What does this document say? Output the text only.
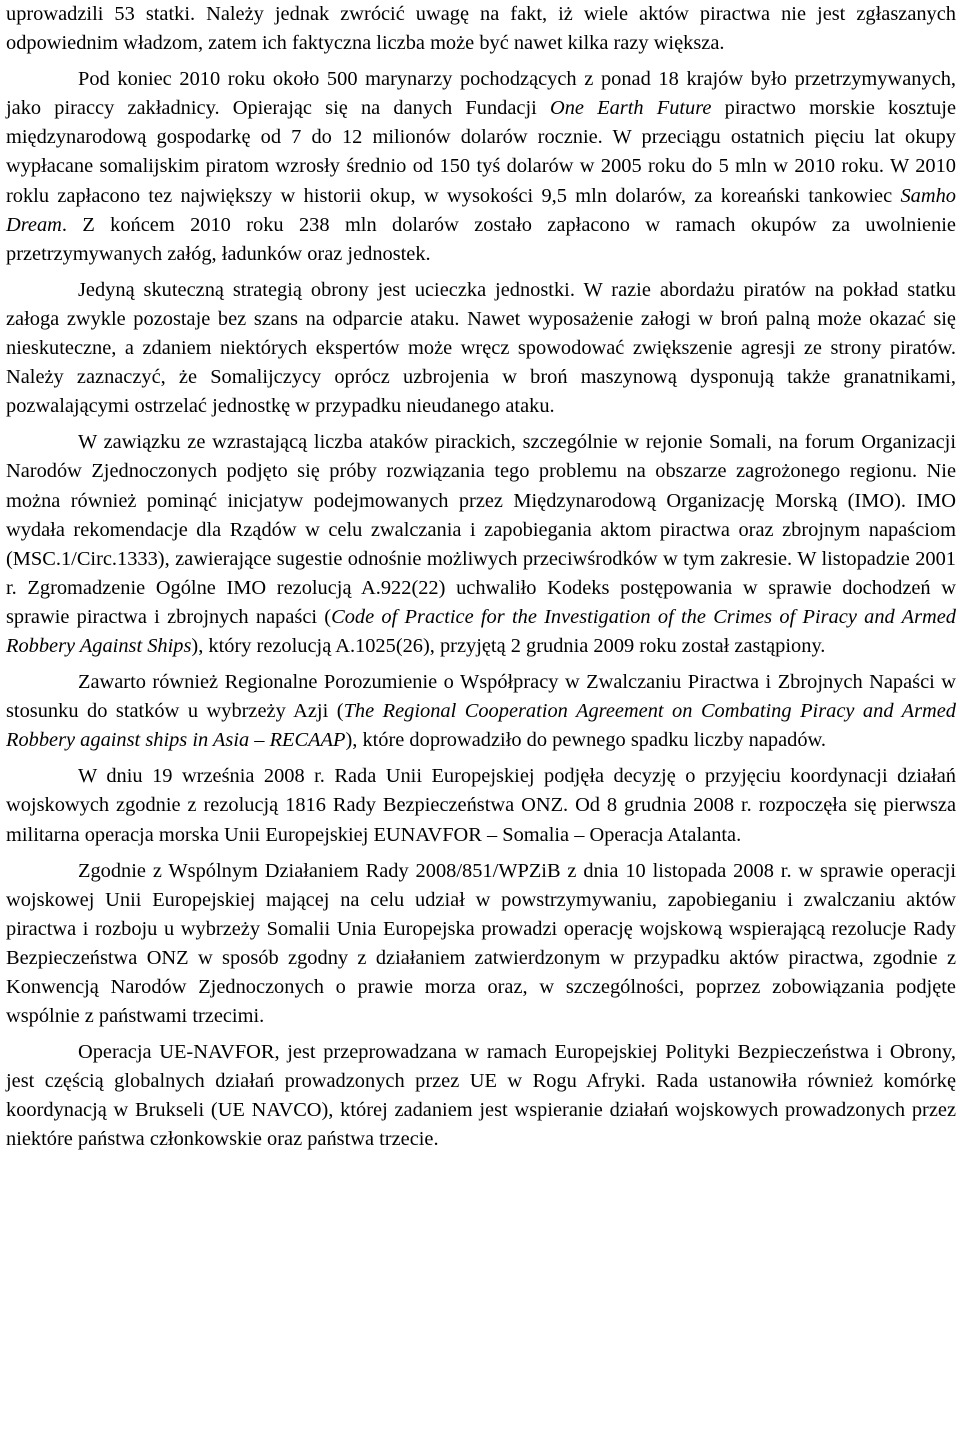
uprowadzili 53 statki. Należy jednak zwrócić uwagę na fakt, iż wiele aktów piractwa nie jest zgłaszanych odpowiednim władzom, zatem ich faktyczna liczba może być nawet kilka razy większa.

Pod koniec 2010 roku około 500 marynarzy pochodzących z ponad 18 krajów było przetrzymywanych, jako piraccy zakładnicy. Opierając się na danych Fundacji One Earth Future piractwo morskie kosztuje międzynarodową gospodarkę od 7 do 12 milionów dolarów rocznie. W przeciągu ostatnich pięciu lat okupy wypłacane somalijskim piratom wzrosły średnio od 150 tyś dolarów w 2005 roku do 5 mln w 2010 roku. W 2010 roklu zapłacono tez największy w historii okup, w wysokości 9,5 mln dolarów, za koreański tankowiec Samho Dream. Z końcem 2010 roku 238 mln dolarów zostało zapłacono w ramach okupów za uwolnienie przetrzymywanych załóg, ładunków oraz jednostek.

Jedyną skuteczną strategią obrony jest ucieczka jednostki. W razie abordażu piratów na pokład statku załoga zwykle pozostaje bez szans na odparcie ataku. Nawet wyposażenie załogi w broń palną może okazać się nieskuteczne, a zdaniem niektórych ekspertów może wręcz spowodować zwiększenie agresji ze strony piratów. Należy zaznaczyć, że Somalijczycy oprócz uzbrojenia w broń maszynową dysponują także granatnikami, pozwalającymi ostrzelać jednostkę w przypadku nieudanego ataku.

W zawiązku ze wzrastającą liczba ataków pirackich, szczególnie w rejonie Somali, na forum Organizacji Narodów Zjednoczonych podjęto się próby rozwiązania tego problemu na obszarze zagrożonego regionu. Nie można również pominąć inicjatyw podejmowanych przez Międzynarodową Organizację Morską (IMO). IMO wydała rekomendacje dla Rządów w celu zwalczania i zapobiegania aktom piractwa oraz zbrojnym napaściom (MSC.1/Circ.1333), zawierające sugestie odnośnie możliwych przeciwśrodków w tym zakresie. W listopadzie 2001 r. Zgromadzenie Ogólne IMO rezolucją A.922(22) uchwaliło Kodeks postępowania w sprawie dochodzeń w sprawie piractwa i zbrojnych napaści (Code of Practice for the Investigation of the Crimes of Piracy and Armed Robbery Against Ships), który rezolucją A.1025(26), przyjętą 2 grudnia 2009 roku został zastąpiony.

Zawarto również Regionalne Porozumienie o Współpracy w Zwalczaniu Piractwa i Zbrojnych Napaści w stosunku do statków u wybrzeży Azji (The Regional Cooperation Agreement on Combating Piracy and Armed Robbery against ships in Asia – RECAAP), które doprowadziło do pewnego spadku liczby napadów.

W dniu 19 września 2008 r. Rada Unii Europejskiej podjęła decyzję o przyjęciu koordynacji działań wojskowych zgodnie z rezolucją 1816 Rady Bezpieczeństwa ONZ. Od 8 grudnia 2008 r. rozpoczęła się pierwsza militarna operacja morska Unii Europejskiej EUNAVFOR – Somalia – Operacja Atalanta.

Zgodnie z Wspólnym Działaniem Rady 2008/851/WPZiB z dnia 10 listopada 2008 r. w sprawie operacji wojskowej Unii Europejskiej mającej na celu udział w powstrzymywaniu, zapobieganiu i zwalczaniu aktów piractwa i rozboju u wybrzeży Somalii Unia Europejska prowadzi operację wojskową wspierającą rezolucje Rady Bezpieczeństwa ONZ w sposób zgodny z działaniem zatwierdzonym w przypadku aktów piractwa, zgodnie z Konwencją Narodów Zjednoczonych o prawie morza oraz, w szczególności, poprzez zobowiązania podjęte wspólnie z państwami trzecimi.

Operacja UE-NAVFOR, jest przeprowadzana w ramach Europejskiej Polityki Bezpieczeństwa i Obrony, jest częścią globalnych działań prowadzonych przez UE w Rogu Afryki. Rada ustanowiła również komórkę koordynacją w Brukseli (UE NAVCO), której zadaniem jest wspieranie działań wojskowych prowadzonych przez niektóre państwa członkowskie oraz państwa trzecie.
